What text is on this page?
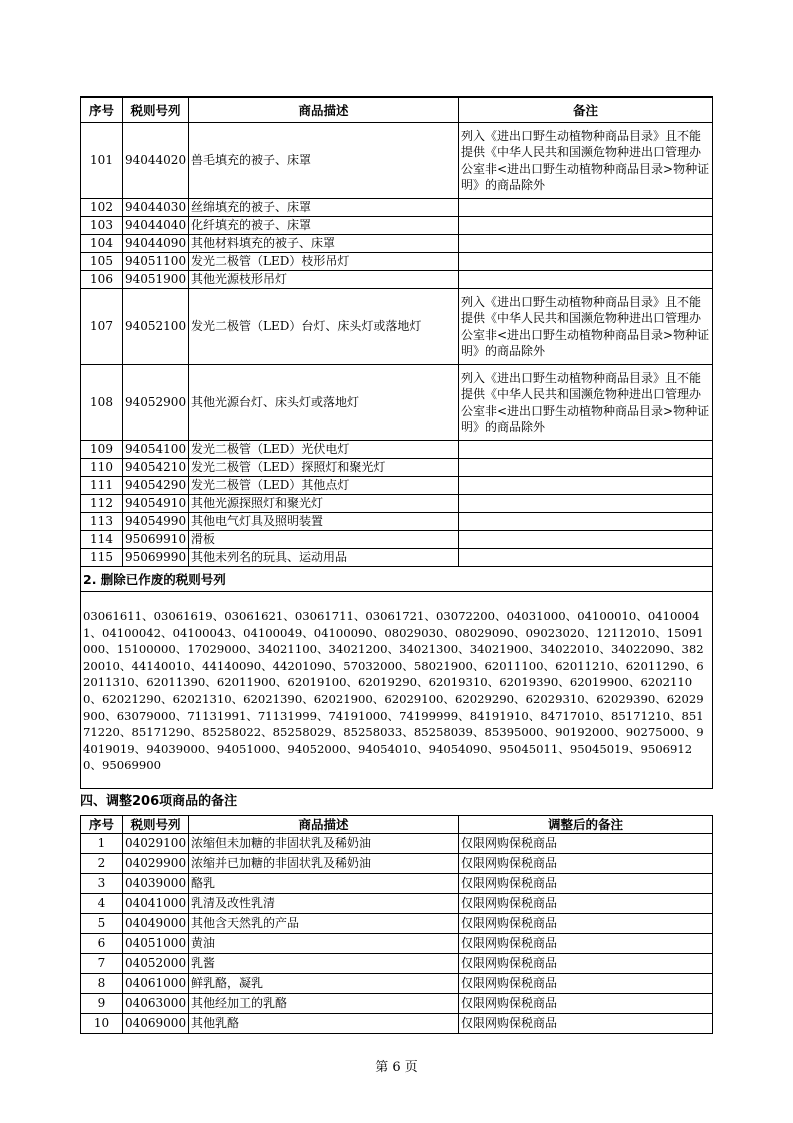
序号	税则号列	商品描述	备注
101	94044020	兽毛填充的被子、床罩	列入《进出口野生动植物种商品目录》且不能提供《中华人民共和国濒危物种进出口管理办公室非<进出口野生动植物种商品目录>物种证明》的商品除外
102	94044030	丝绵填充的被子、床罩	
103	94044040	化纤填充的被子、床罩	
104	94044090	其他材料填充的被子、床罩	
105	94051100	发光二极管（LED）枝形吊灯	
106	94051900	其他光源枝形吊灯	
107	94052100	发光二极管（LED）台灯、床头灯或落地灯	列入《进出口野生动植物种商品目录》且不能提供《中华人民共和国濒危物种进出口管理办公室非<进出口野生动植物种商品目录>物种证明》的商品除外
108	94052900	其他光源台灯、床头灯或落地灯	列入《进出口野生动植物种商品目录》且不能提供《中华人民共和国濒危物种进出口管理办公室非<进出口野生动植物种商品目录>物种证明》的商品除外
109	94054100	发光二极管（LED）光伏电灯	
110	94054210	发光二极管（LED）探照灯和聚光灯	
111	94054290	发光二极管（LED）其他点灯	
112	94054910	其他光源探照灯和聚光灯	
113	94054990	其他电气灯具及照明装置	
114	95069910	滑板	
115	95069990	其他未列名的玩具、运动用品	
2. 删除已作废的税则号列			
03061611、03061619、03061621、03061711、03061721、03072200、04031000、04100010、04100041、04100042、04100043、04100049、04100090、08029030、08029090、09023020、12112010、15091000、15100000、17029000、34021100、34021200、34021300、34021900、34022010、34022090、38220010、44140010、44140090、44201090、57032000、58021900、62011100、62011210、62011290、62011310、62011390、62011900、62019100、62019290、62019310、62019390、62019900、62021100、62021290、62021310、62021390、62021900、62029100、62029290、62029310、62029390、62029900、63079000、71131991、71131999、74191000、74199999、84191910、84717010、85171210、85171220、85171290、85258022、85258029、85258033、85258039、85395000、90192000、90275000、94019019、94039000、94051000、94052000、94054010、94054090、95045011、95045019、95069120、95069900			
四、调整206项商品的备注
序号	税则号列	商品描述	调整后的备注
1	04029100	浓缩但未加糖的非固状乳及稀奶油	仅限网购保税商品
2	04029900	浓缩并已加糖的非固状乳及稀奶油	仅限网购保税商品
3	04039000	酪乳	仅限网购保税商品
4	04041000	乳清及改性乳清	仅限网购保税商品
5	04049000	其他含天然乳的产品	仅限网购保税商品
6	04051000	黄油	仅限网购保税商品
7	04052000	乳酱	仅限网购保税商品
8	04061000	鲜乳酪，凝乳	仅限网购保税商品
9	04063000	其他经加工的乳酪	仅限网购保税商品
10	04069000	其他乳酪	仅限网购保税商品
第 6 页
